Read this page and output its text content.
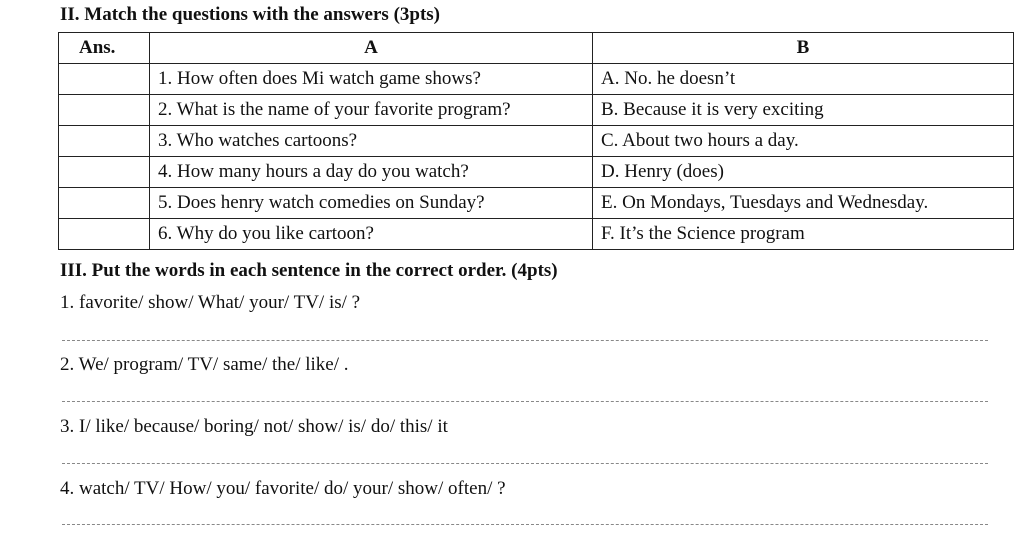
II. Match the questions with the answers (3pts)
Ans.	A	B
	1. How often does Mi watch game shows?	A. No. he doesn’t
	2. What is the name of your favorite program?	B. Because it is very exciting
	3. Who watches cartoons?	C. About two hours a day.
	4. How many hours a day do you watch?	D. Henry (does)
	5. Does henry watch comedies on Sunday?	E. On Mondays, Tuesdays and Wednesday.
	6. Why do you like cartoon?	F. It’s the Science program
III. Put the words in each sentence in the correct order. (4pts)
1. favorite/ show/ What/ your/ TV/ is/ ?
2. We/ program/ TV/ same/ the/ like/ .
3. I/ like/ because/ boring/ not/ show/ is/ do/ this/ it
4. watch/ TV/ How/ you/ favorite/ do/ your/ show/ often/ ?
